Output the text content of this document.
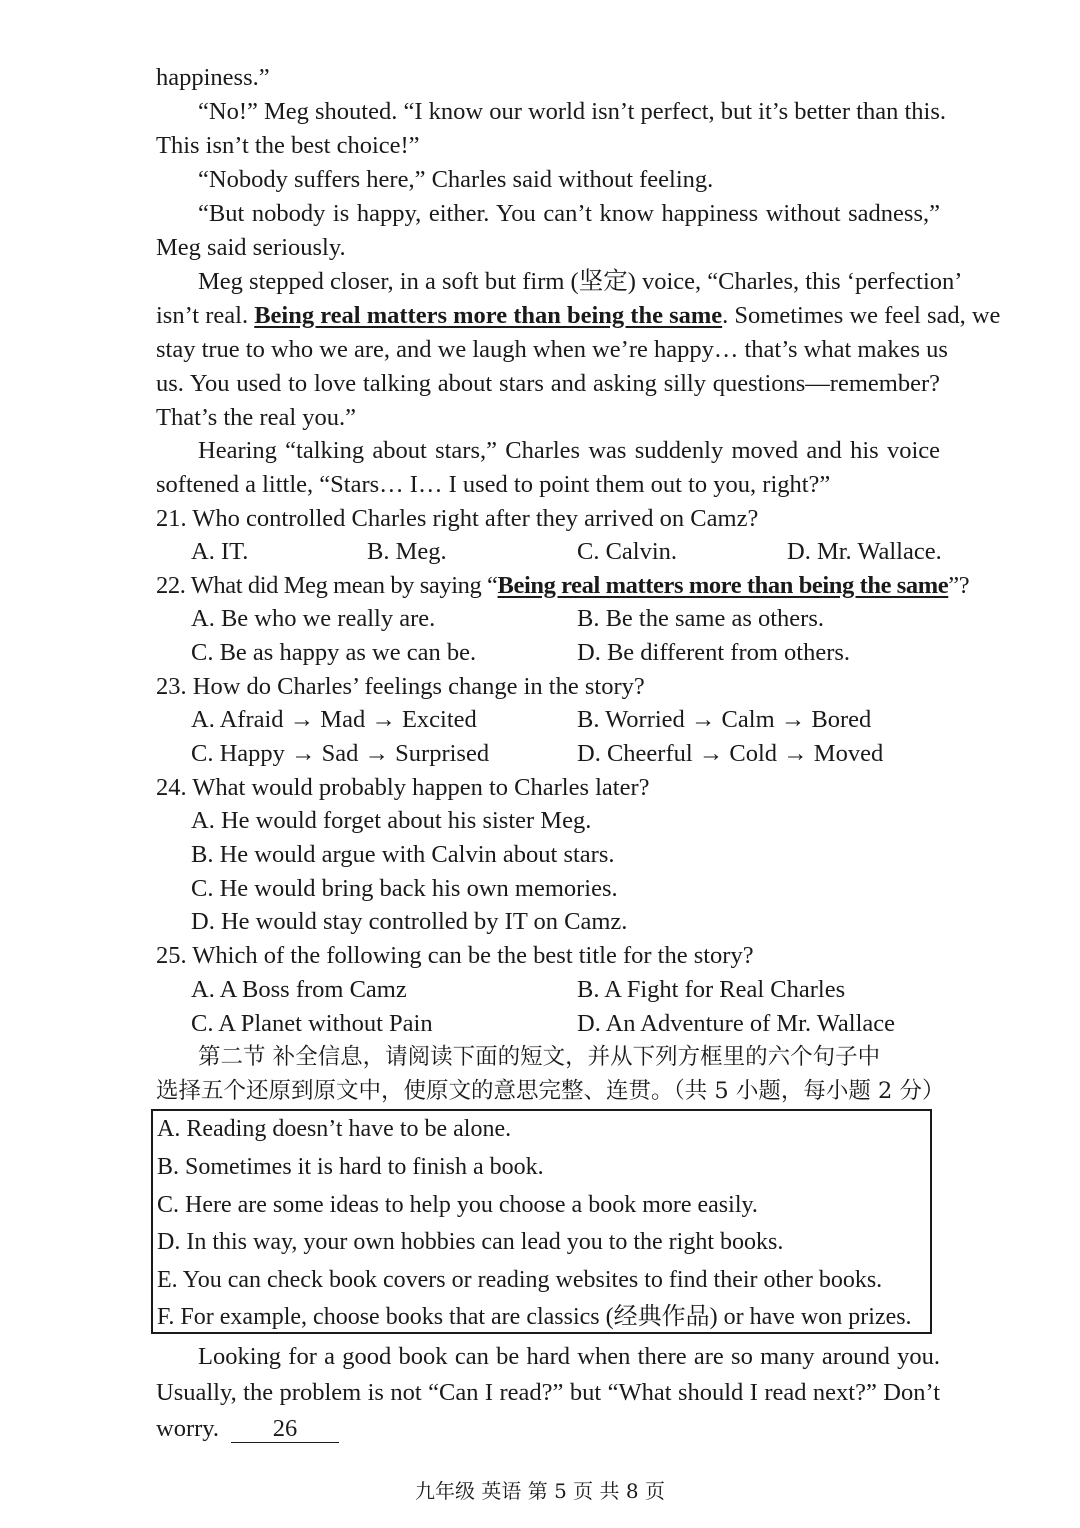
happiness.”
“No!” Meg shouted. “I know our world isn’t perfect, but it’s better than this.
This isn’t the best choice!”
“Nobody suffers here,” Charles said without feeling.
“But nobody is happy, either. You can’t know happiness without sadness,”
Meg said seriously.
Meg stepped closer, in a soft but firm (坚定) voice, “Charles, this ‘perfection’
isn’t real. Being real matters more than being the same. Sometimes we feel sad, we
stay true to who we are, and we laugh when we’re happy… that’s what makes us
us. You used to love talking about stars and asking silly questions—remember?
That’s the real you.”
Hearing “talking about stars,” Charles was suddenly moved and his voice
softened a little, “Stars… I… I used to point them out to you, right?”
21. Who controlled Charles right after they arrived on Camz?
A. IT.	B. Meg.	C. Calvin.	D. Mr. Wallace.
22. What did Meg mean by saying “Being real matters more than being the same”?
A. Be who we really are.	B. Be the same as others.
C. Be as happy as we can be.	D. Be different from others.
23. How do Charles’ feelings change in the story?
A. Afraid → Mad → Excited	B. Worried → Calm → Bored
C. Happy → Sad → Surprised	D. Cheerful → Cold → Moved
24. What would probably happen to Charles later?
A. He would forget about his sister Meg.
B. He would argue with Calvin about stars.
C. He would bring back his own memories.
D. He would stay controlled by IT on Camz.
25. Which of the following can be the best title for the story?
A. A Boss from Camz	B. A Fight for Real Charles
C. A Planet without Pain	D. An Adventure of Mr. Wallace
第二节 补全信息，请阅读下面的短文，并从下列方框里的六个句子中
选择五个还原到原文中，使原文的意思完整、连贯。（共 5 小题，每小题 2 分）
A. Reading doesn’t have to be alone.
B. Sometimes it is hard to finish a book.
C. Here are some ideas to help you choose a book more easily.
D. In this way, your own hobbies can lead you to the right books.
E. You can check book covers or reading websites to find their other books.
F. For example, choose books that are classics (经典作品) or have won prizes.
Looking for a good book can be hard when there are so many around you.
Usually, the problem is not “Can I read?” but “What should I read next?” Don’t
worry. 26
九年级 英语 第 5 页 共 8 页
